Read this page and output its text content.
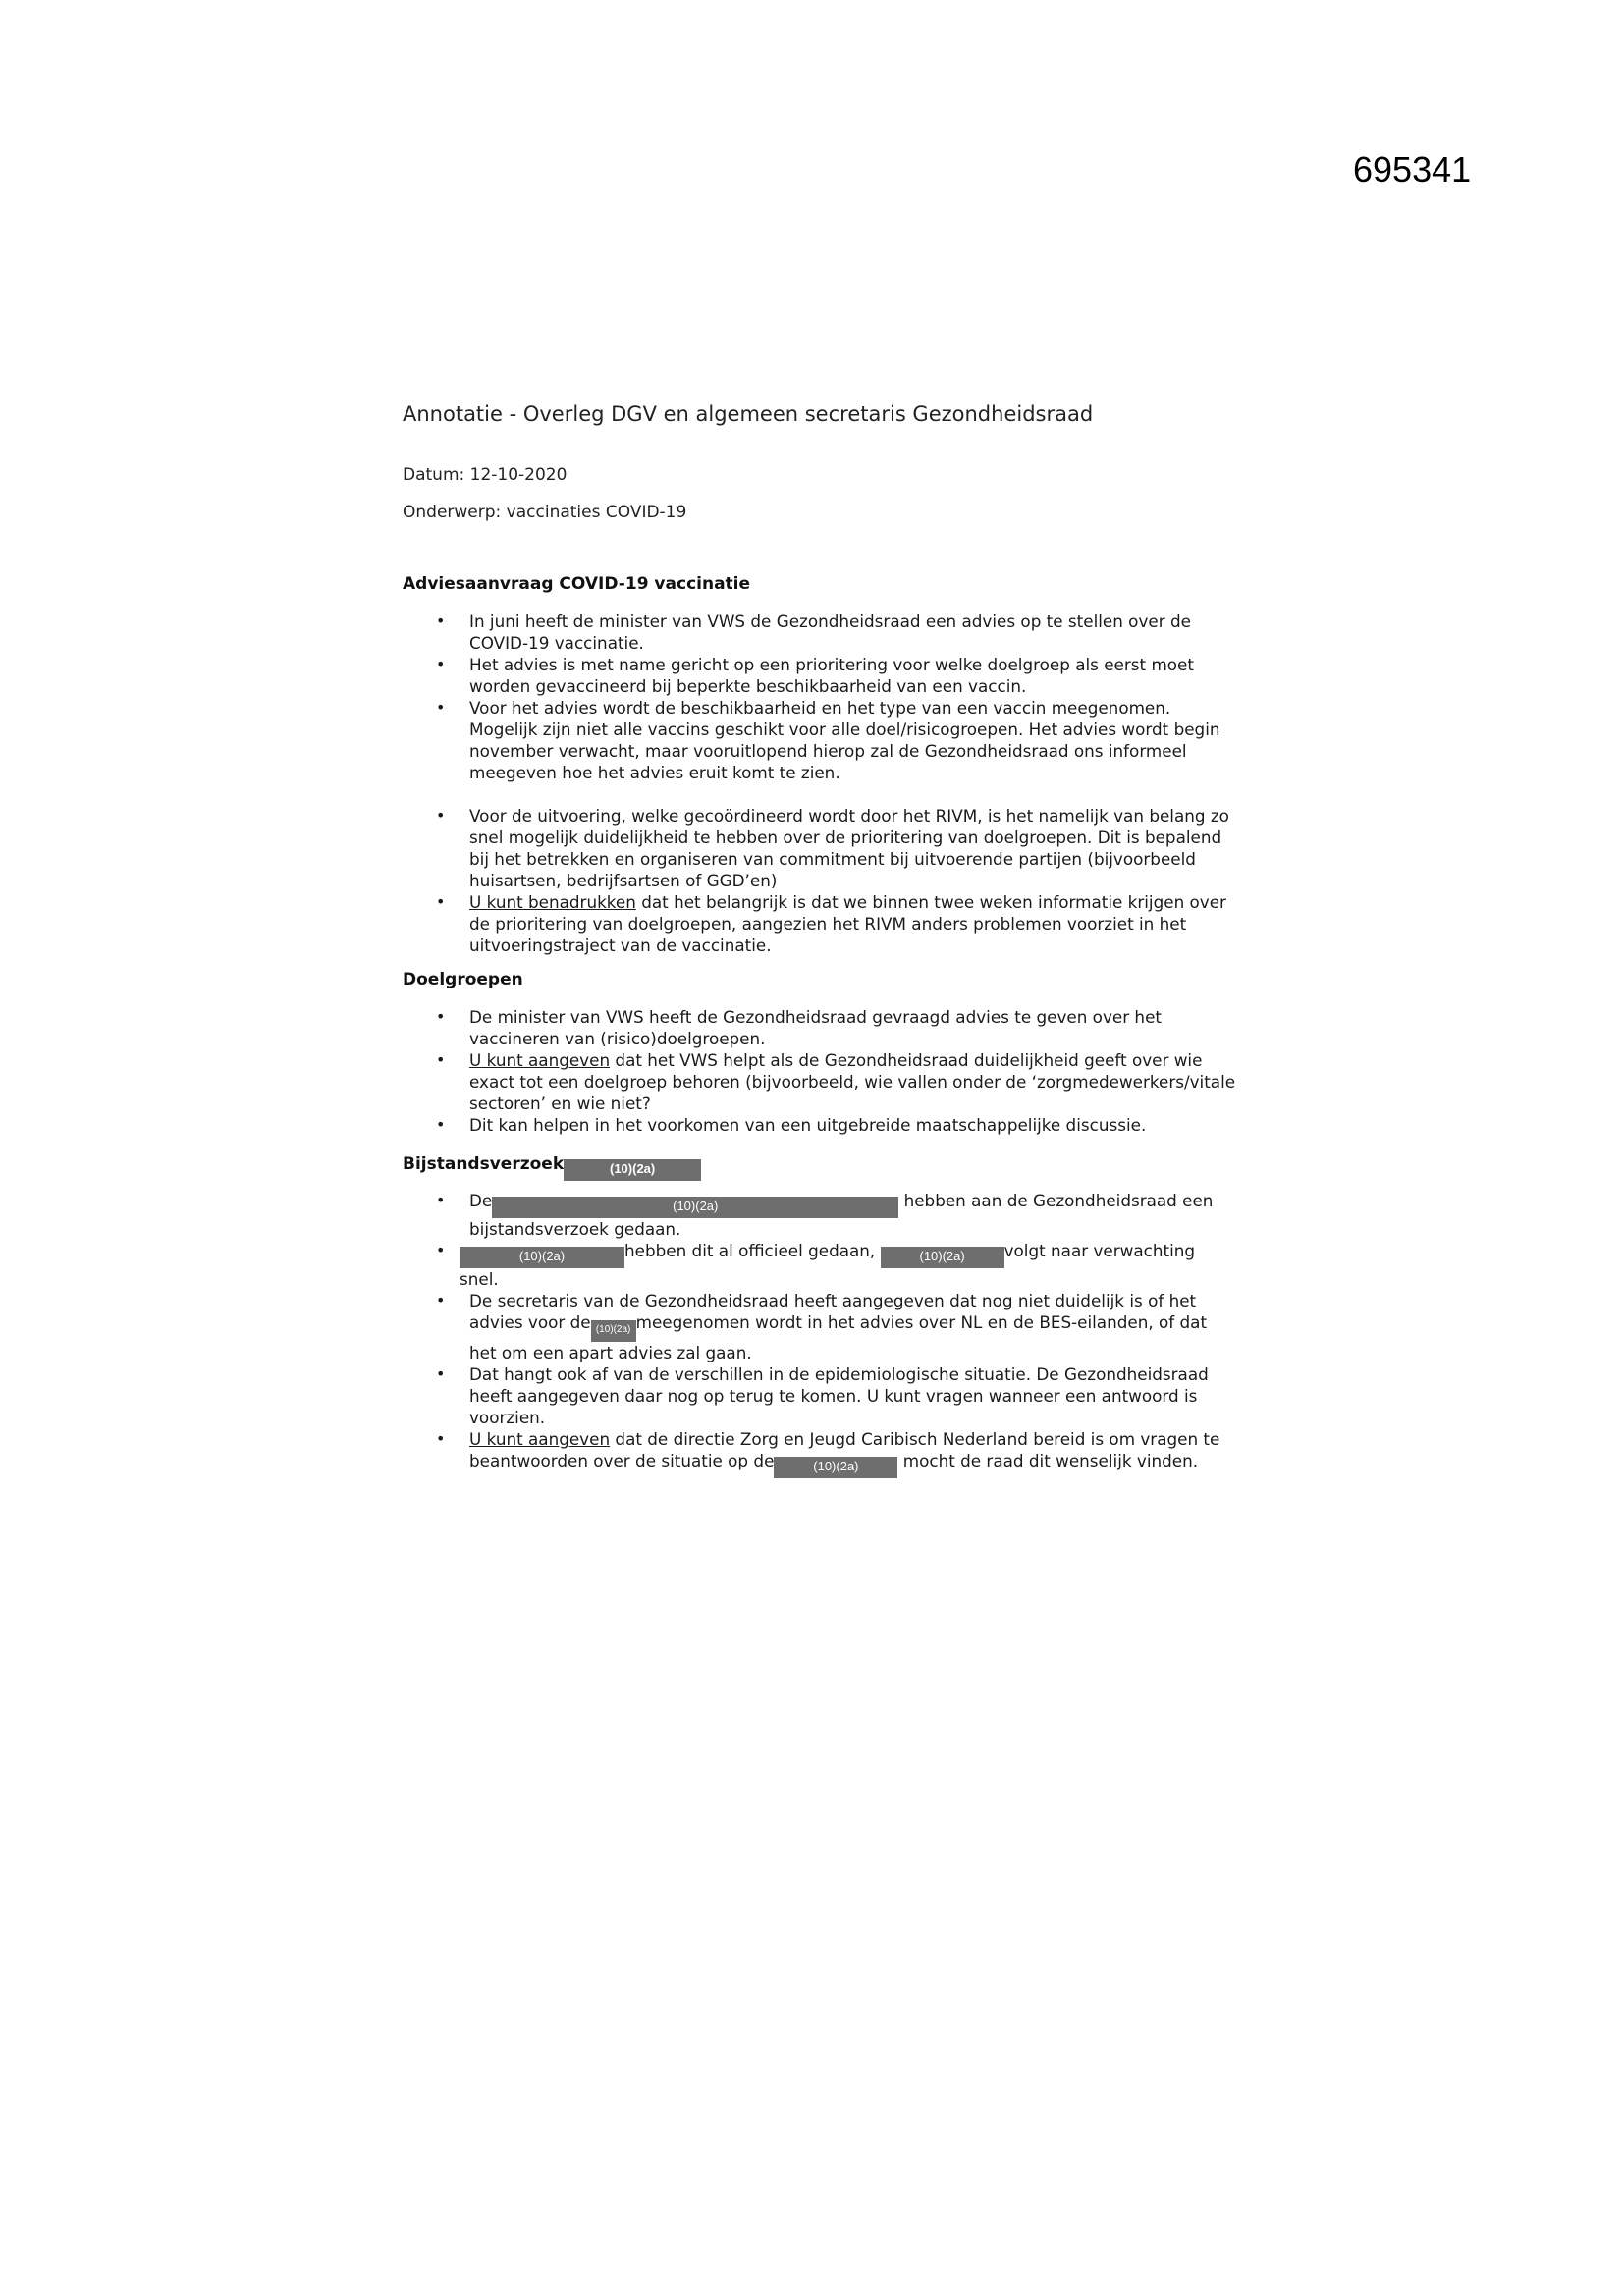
695341
Annotatie - Overleg DGV en algemeen secretaris Gezondheidsraad
Datum: 12-10-2020
Onderwerp: vaccinaties COVID-19
Adviesaanvraag COVID-19 vaccinatie
• In juni heeft de minister van VWS de Gezondheidsraad een advies op te stellen over de COVID-19 vaccinatie.
• Het advies is met name gericht op een prioritering voor welke doelgroep als eerst moet worden gevaccineerd bij beperkte beschikbaarheid van een vaccin.
• Voor het advies wordt de beschikbaarheid en het type van een vaccin meegenomen. Mogelijk zijn niet alle vaccins geschikt voor alle doel/risicogroepen. Het advies wordt begin november verwacht, maar vooruitlopend hierop zal de Gezondheidsraad ons informeel meegeven hoe het advies eruit komt te zien.
• Voor de uitvoering, welke gecoördineerd wordt door het RIVM, is het namelijk van belang zo snel mogelijk duidelijkheid te hebben over de prioritering van doelgroepen. Dit is bepalend bij het betrekken en organiseren van commitment bij uitvoerende partijen (bijvoorbeeld huisartsen, bedrijfsartsen of GGD’en)
• U kunt benadrukken dat het belangrijk is dat we binnen twee weken informatie krijgen over de prioritering van doelgroepen, aangezien het RIVM anders problemen voorziet in het uitvoeringstraject van de vaccinatie.
Doelgroepen
• De minister van VWS heeft de Gezondheidsraad gevraagd advies te geven over het vaccineren van (risico)doelgroepen.
• U kunt aangeven dat het VWS helpt als de Gezondheidsraad duidelijkheid geeft over wie exact tot een doelgroep behoren (bijvoorbeeld, wie vallen onder de ‘zorgmedewerkers/vitale sectoren’ en wie niet?
• Dit kan helpen in het voorkomen van een uitgebreide maatschappelijke discussie.
Bijstandsverzoek	(10)(2a)
• De	(10)(2a)	hebben aan de Gezondheidsraad een bijstandsverzoek gedaan.
• (10)(2a)	hebben dit al officieel gedaan,	(10)(2a) volgt naar verwachting snel.
• De secretaris van de Gezondheidsraad heeft aangegeven dat nog niet duidelijk is of het advies voor de (10)(2a) meegenomen wordt in het advies over NL en de BES-eilanden, of dat het om een apart advies zal gaan.
• Dat hangt ook af van de verschillen in de epidemiologische situatie. De Gezondheidsraad heeft aangegeven daar nog op terug te komen. U kunt vragen wanneer een antwoord is voorzien.
• U kunt aangeven dat de directie Zorg en Jeugd Caribisch Nederland bereid is om vragen te beantwoorden over de situatie op de	(10)(2a)	mocht de raad dit wenselijk vinden.
